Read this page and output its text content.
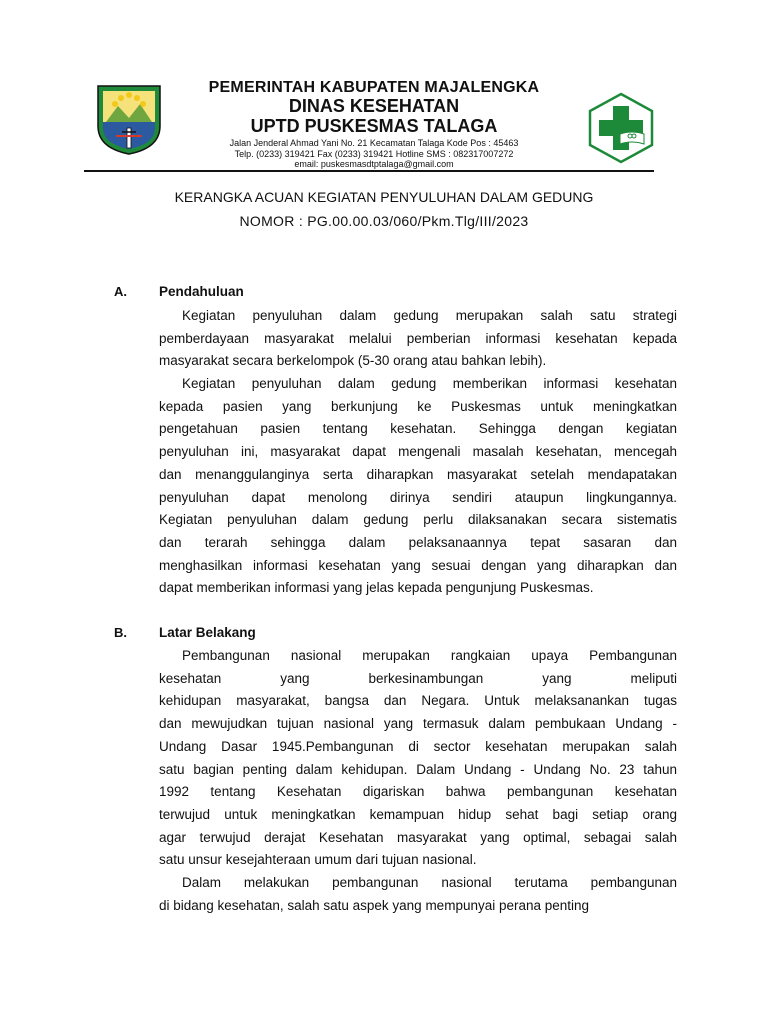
PEMERINTAH KABUPATEN MAJALENGKA
DINAS KESEHATAN
UPTD PUSKESMAS TALAGA
Jalan Jenderal Ahmad Yani No. 21 Kecamatan Talaga Kode Pos : 45463
Telp. (0233) 319421 Fax (0233) 319421 Hotline SMS : 082317007272
email: puskesmasdtptalaga@gmail.com
KERANGKA ACUAN KEGIATAN PENYULUHAN DALAM GEDUNG
NOMOR : PG.00.00.03/060/Pkm.Tlg/III/2023
A. Pendahuluan
Kegiatan penyuluhan dalam gedung merupakan salah satu strategi
pemberdayaan masyarakat melalui pemberian informasi kesehatan kepada
masyarakat secara berkelompok (5-30 orang atau bahkan lebih).
Kegiatan penyuluhan dalam gedung memberikan informasi kesehatan
kepada pasien yang berkunjung ke Puskesmas untuk meningkatkan
pengetahuan pasien tentang kesehatan. Sehingga dengan kegiatan
penyuluhan ini, masyarakat dapat mengenali masalah kesehatan, mencegah
dan menanggulanginya serta diharapkan masyarakat setelah mendapatakan
penyuluhan dapat menolong dirinya sendiri ataupun lingkungannya.
Kegiatan penyuluhan dalam gedung perlu dilaksanakan secara sistematis
dan terarah sehingga dalam pelaksanaannya tepat sasaran dan
menghasilkan informasi kesehatan yang sesuai dengan yang diharapkan dan
dapat memberikan informasi yang jelas kepada pengunjung Puskesmas.
B. Latar Belakang
Pembangunan nasional merupakan rangkaian upaya Pembangunan
kesehatan yang berkesinambungan yang meliputi
kehidupan masyarakat, bangsa dan Negara. Untuk melaksanankan tugas
dan mewujudkan tujuan nasional yang termasuk dalam pembukaan Undang -
Undang Dasar 1945.Pembangunan di sector kesehatan merupakan salah
satu bagian penting dalam kehidupan. Dalam Undang - Undang No. 23 tahun
1992 tentang Kesehatan digariskan bahwa pembangunan kesehatan
terwujud untuk meningkatkan kemampuan hidup sehat bagi setiap orang
agar terwujud derajat Kesehatan masyarakat yang optimal, sebagai salah
satu unsur kesejahteraan umum dari tujuan nasional.
Dalam melakukan pembangunan nasional terutama pembangunan
di bidang kesehatan, salah satu aspek yang mempunyai perana penting
